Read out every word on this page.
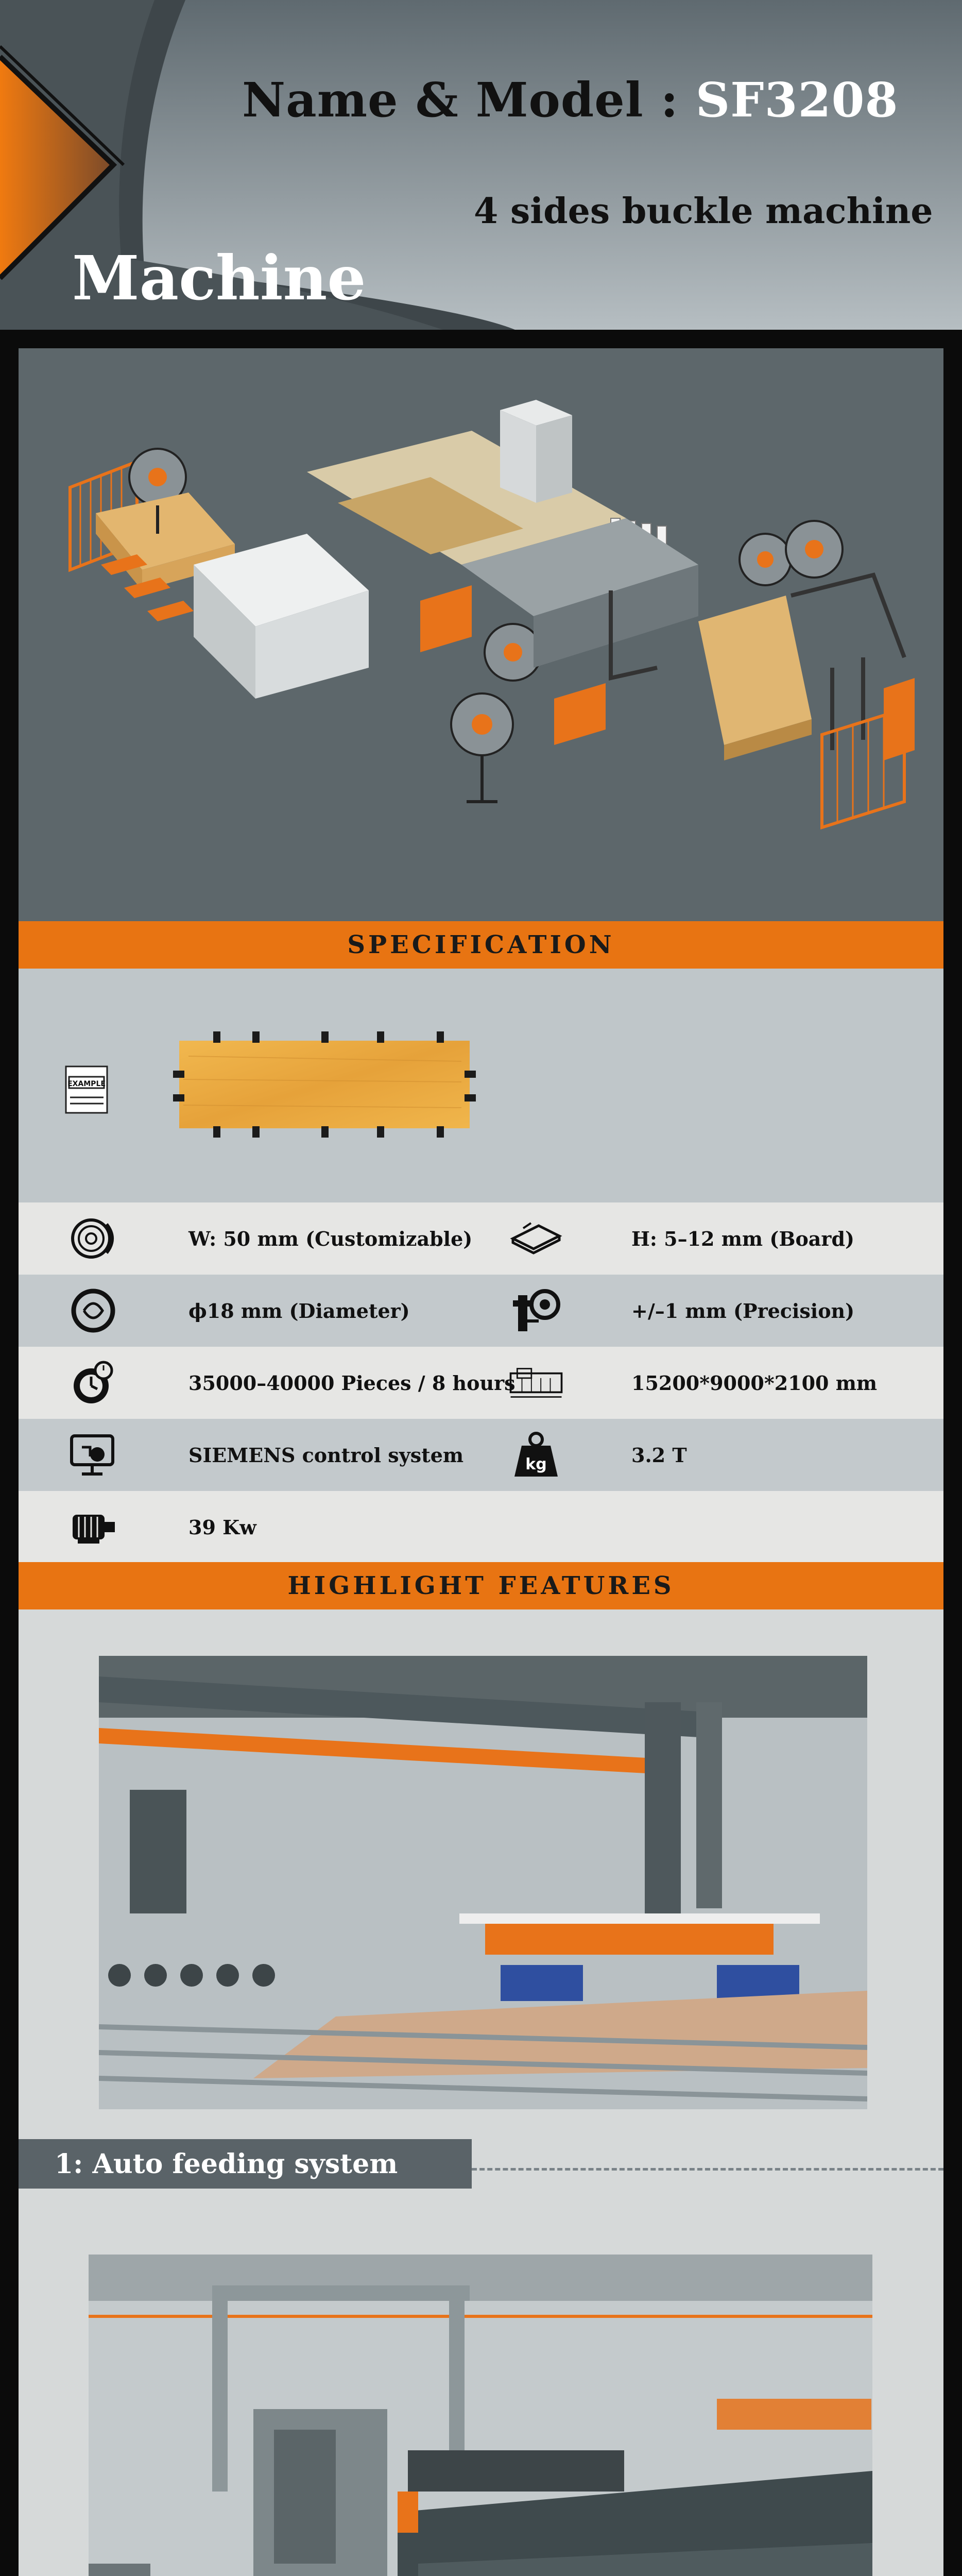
Name & Model : SF3208
4 sides buckle machine
Machine
SPECIFICATION
EXAMPLE
W: 50 mm (Customizable)	H: 5–12 mm (Board)
ϕ18 mm (Diameter)	+/–1 mm (Precision)
35000–40000 Pieces / 8 hours	15200*9000*2100 mm
SIEMENS control system	kg	3.2 T
39 Kw
HIGHLIGHT FEATURES
1: Auto feeding system
